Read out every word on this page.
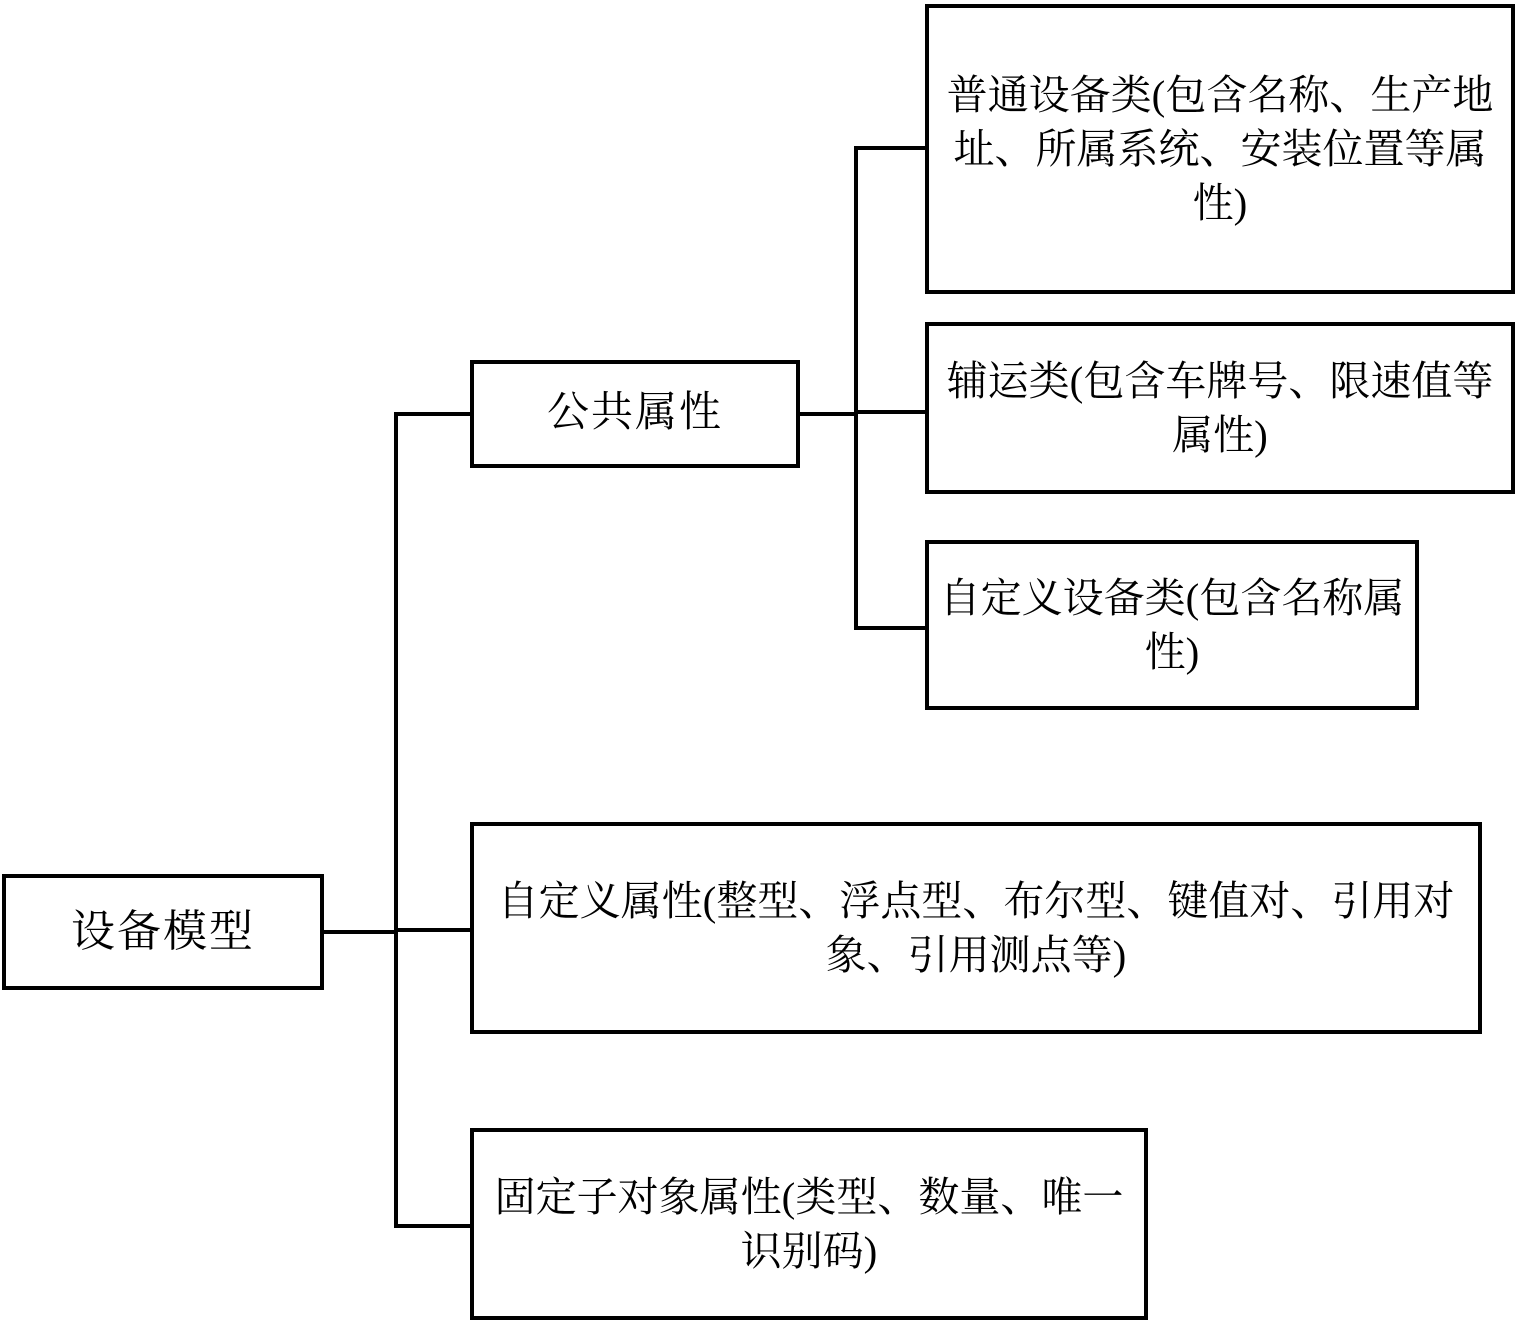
设备模型
公共属性
普通设备类(包含名称、生产地址、所属系统、安装位置等属性)
辅运类(包含车牌号、限速值等属性)
自定义设备类(包含名称属性)
自定义属性(整型、浮点型、布尔型、键值对、引用对象、引用测点等)
固定子对象属性(类型、数量、唯一识别码)
